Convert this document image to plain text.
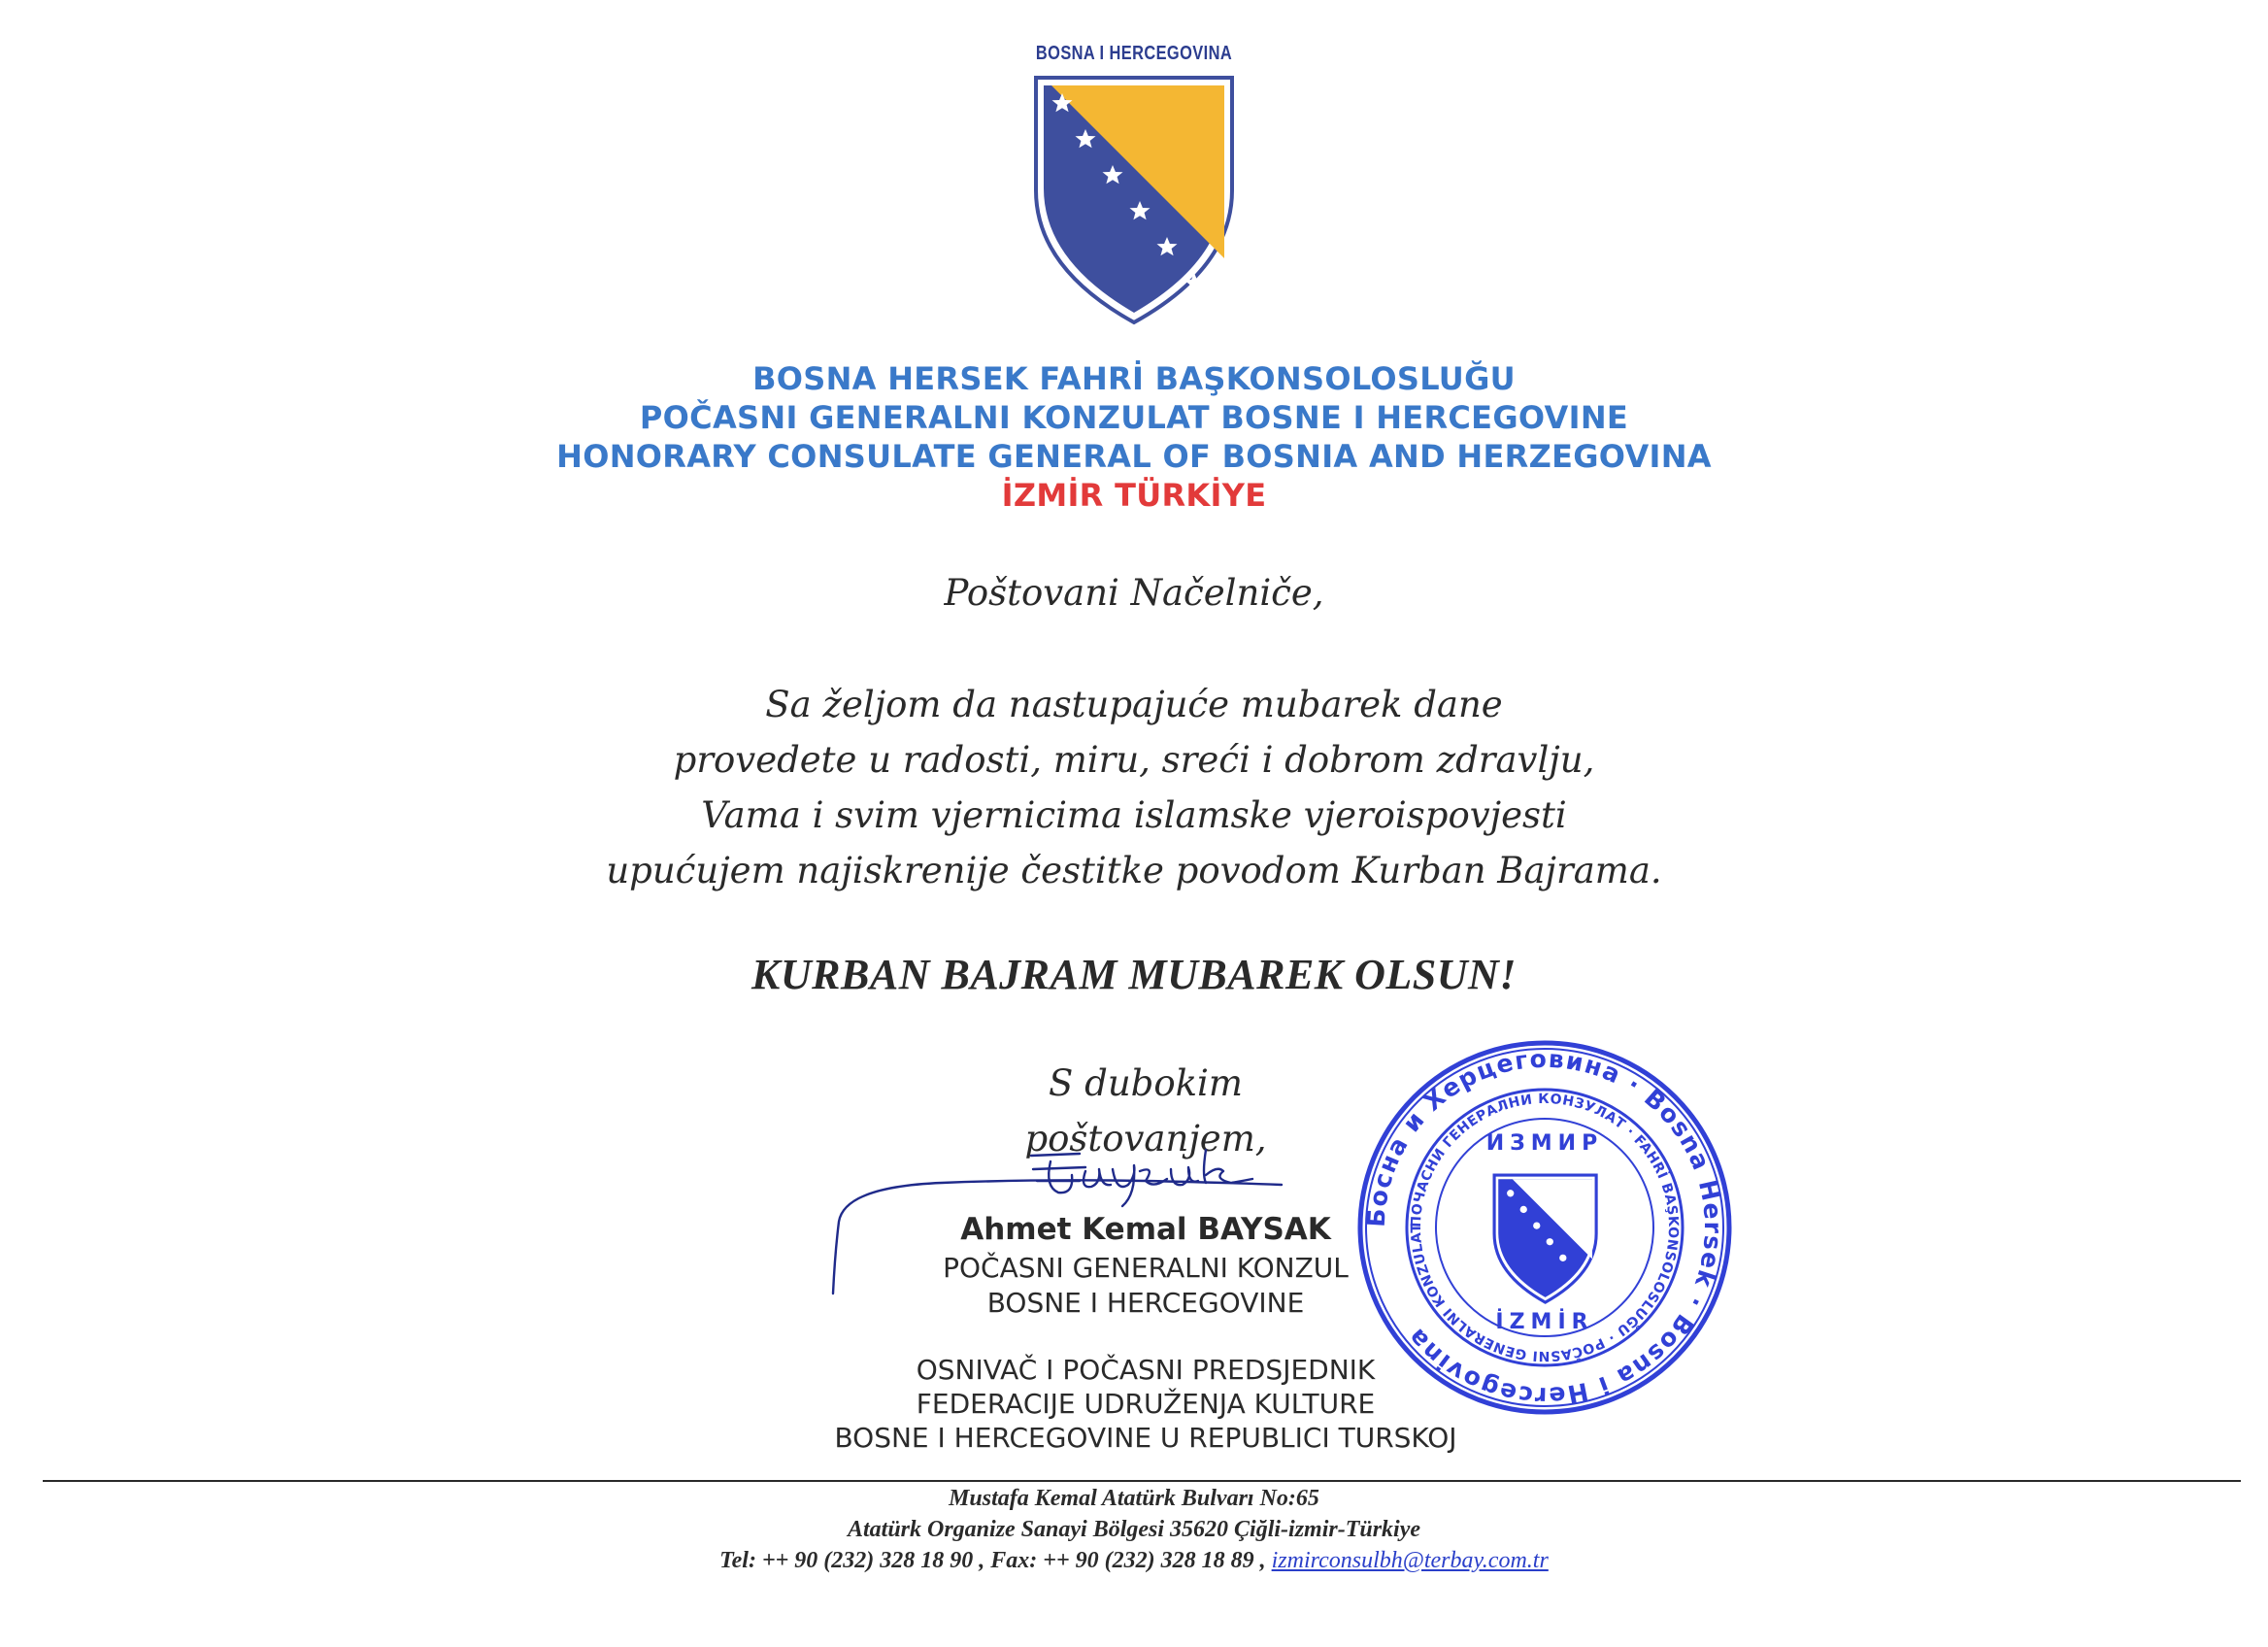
BOSNA I HERCEGOVINA
BOSNA HERSEK FAHRİ BAŞKONSOLOSLUĞU
POČASNI GENERALNI KONZULAT BOSNE I HERCEGOVINE
HONORARY CONSULATE GENERAL OF BOSNIA AND HERZEGOVINA
İZMİR TÜRKİYE
Poštovani Načelniče,
Sa željom da nastupajuće mubarek dane
provedete u radosti, miru, sreći i dobrom zdravlju,
Vama i svim vjernicima islamske vjeroispovjesti
upućujem najiskrenije čestitke povodom Kurban Bajrama.
KURBAN BAJRAM MUBAREK OLSUN!
S dubokim poštovanjem,
Ahmet Kemal BAYSAK
POČASNI GENERALNI KONZUL
BOSNE I HERCEGOVINE
OSNIVAČ I POČASNI PREDSJEDNIK
FEDERACIJE UDRUŽENJA KULTURE
BOSNE I HERCEGOVINE U REPUBLICI TURSKOJ
Босна и Херцеговина · Bosna Hersek · Bosna i Hercegovina
ПОЧАСНИ ГЕНЕРАЛНИ КОНЗУЛАТ · FAHRİ BAŞKONSOLOSLUĞU · POČASNI GENERALNI KONZULAT
ИЗМИР
İZMİR
Mustafa Kemal Atatürk Bulvarı No:65
Atatürk Organize Sanayi Bölgesi 35620 Çiğli-izmir-Türkiye
Tel: ++ 90 (232) 328 18 90 , Fax: ++ 90 (232) 328 18 89 , izmirconsulbh@terbay.com.tr
